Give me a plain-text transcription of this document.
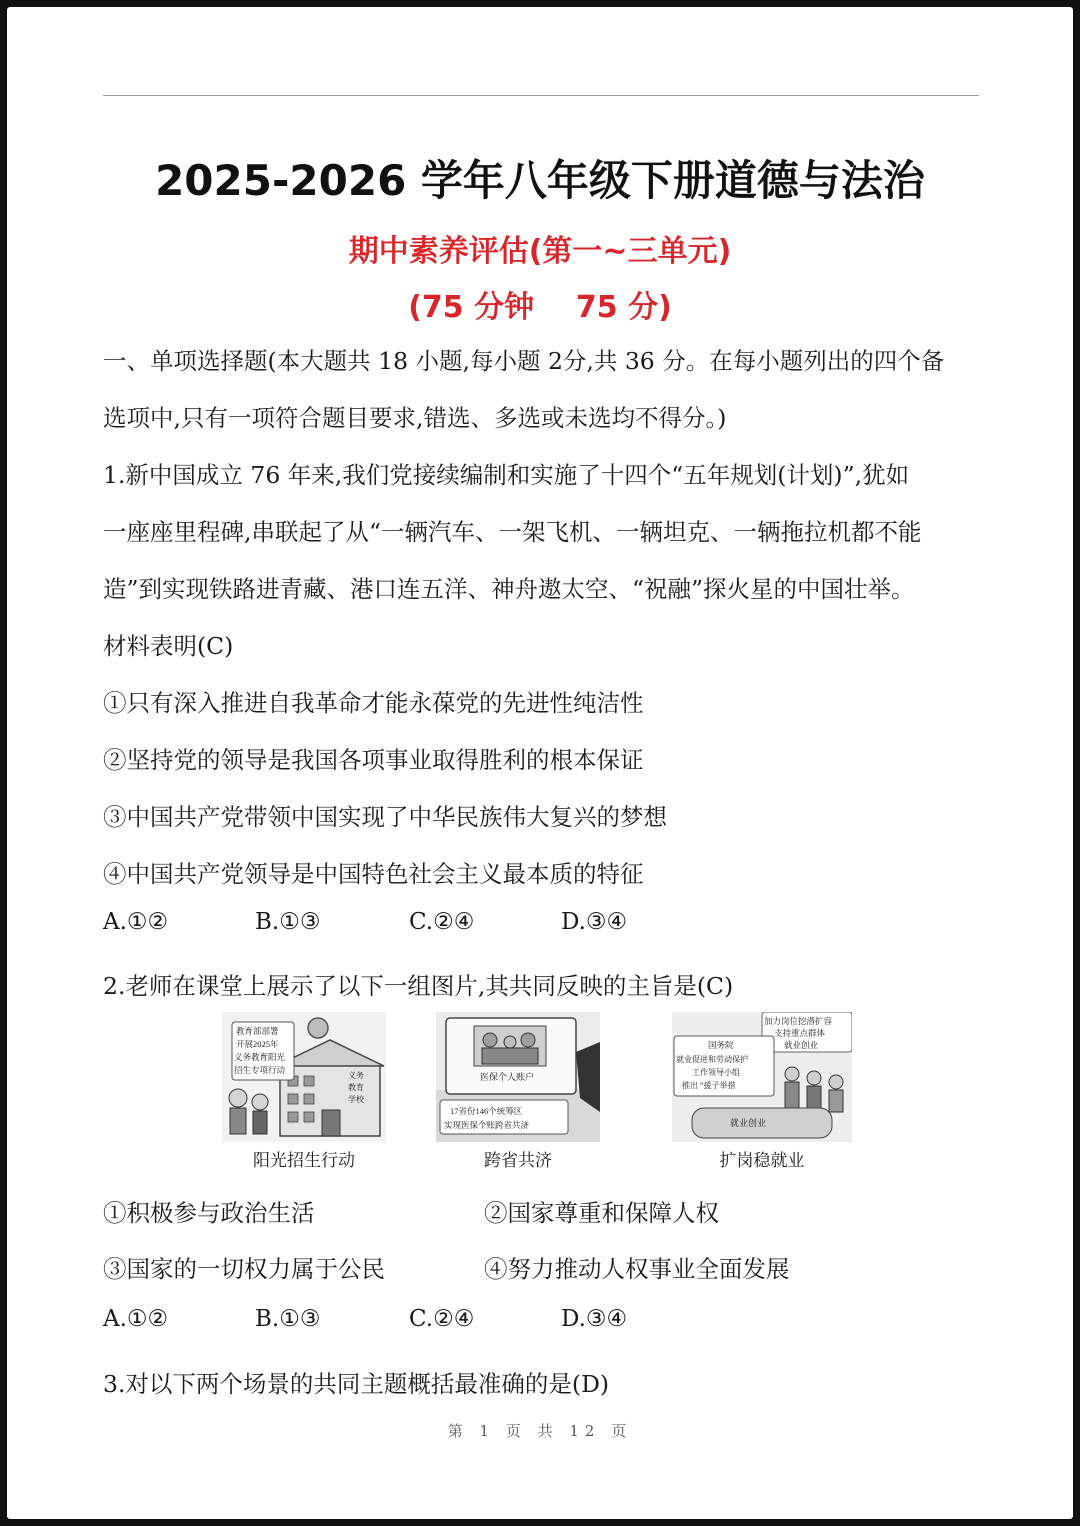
2025-2026 学年八年级下册道德与法治
期中素养评估(第一~三单元)
(75 分钟    75 分)
一、单项选择题(本大题共 18 小题,每小题 2分,共 36 分。在每小题列出的四个备
选项中,只有一项符合题目要求,错选、多选或未选均不得分。)
1.新中国成立 76 年来,我们党接续编制和实施了十四个“五年规划(计划)”,犹如
一座座里程碑,串联起了从“一辆汽车、一架飞机、一辆坦克、一辆拖拉机都不能
造”到实现铁路进青藏、港口连五洋、神舟遨太空、“祝融”探火星的中国壮举。
材料表明(C)
①只有深入推进自我革命才能永葆党的先进性纯洁性
②坚持党的领导是我国各项事业取得胜利的根本保证
③中国共产党带领中国实现了中华民族伟大复兴的梦想
④中国共产党领导是中国特色社会主义最本质的特征
A.①②	B.①③	C.②④	D.③④
2.老师在课堂上展示了以下一组图片,其共同反映的主旨是(C)
教育部部署
开展2025年
义务教育阳光
招生专项行动
义务
教育
学校
医保个人账户
17省份146个统筹区
实现医保个账跨省共济
加力岗位挖潜扩容
支持重点群体
就业创业
国务院
就业促进和劳动保护
工作领导小组
推出 “援子举措
就业创业
阳光招生行动	跨省共济	扩岗稳就业
①积极参与政治生活	②国家尊重和保障人权
③国家的一切权力属于公民	④努力推动人权事业全面发展
A.①②	B.①③	C.②④	D.③④
3.对以下两个场景的共同主题概括最准确的是(D)
第 1 页 共 12 页
